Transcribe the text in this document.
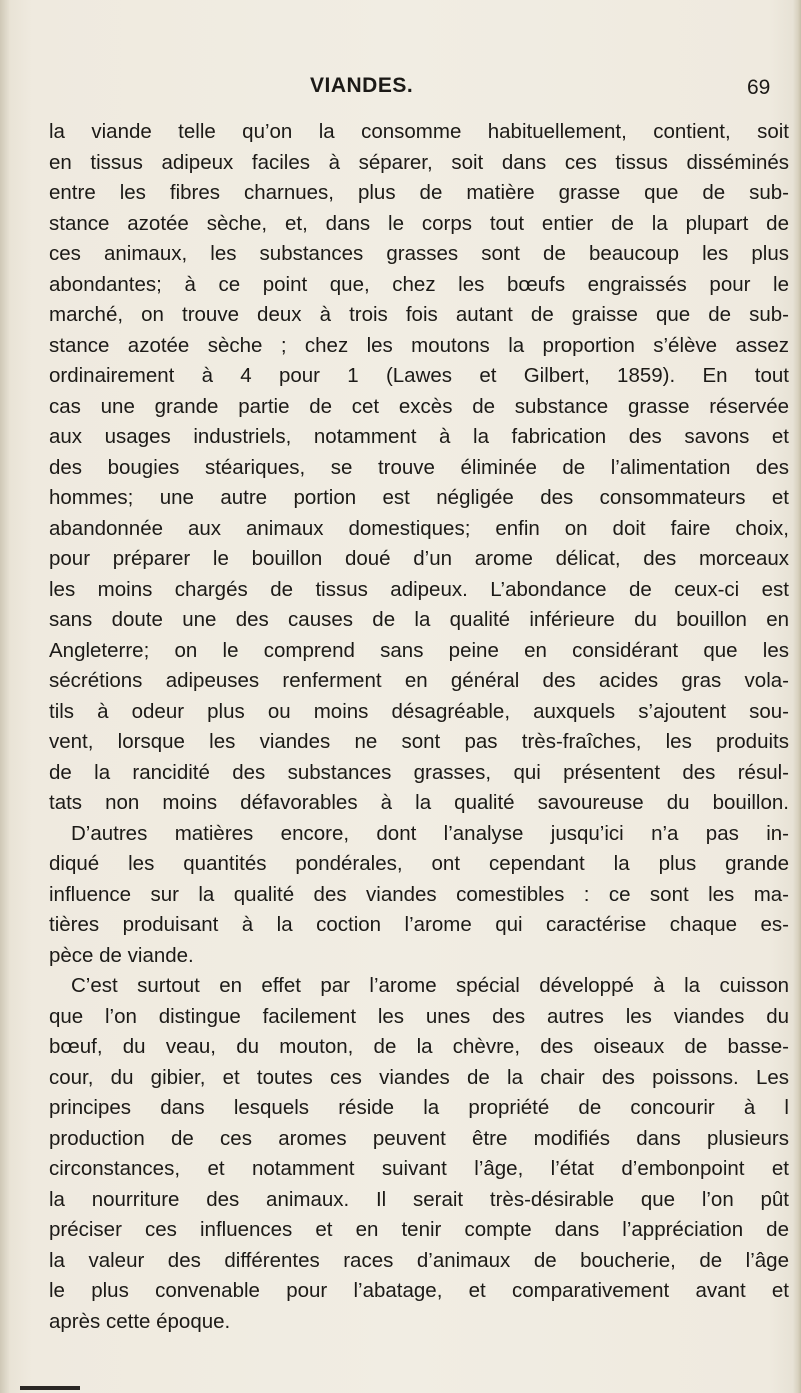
VIANDES.	69
la viande telle qu’on la consomme habituellement, contient, soit
en tissus adipeux faciles à séparer, soit dans ces tissus disséminés
entre les fibres charnues, plus de matière grasse que de sub-
stance azotée sèche, et, dans le corps tout entier de la plupart de
ces animaux, les substances grasses sont de beaucoup les plus
abondantes; à ce point que, chez les bœufs engraissés pour le
marché, on trouve deux à trois fois autant de graisse que de sub-
stance azotée sèche ; chez les moutons la proportion s’élève assez
ordinairement à 4 pour 1 (Lawes et Gilbert, 1859). En tout
cas une grande partie de cet excès de substance grasse réservée
aux usages industriels, notamment à la fabrication des savons et
des bougies stéariques, se trouve éliminée de l’alimentation des
hommes; une autre portion est négligée des consommateurs et
abandonnée aux animaux domestiques; enfin on doit faire choix,
pour préparer le bouillon doué d’un arome délicat, des morceaux
les moins chargés de tissus adipeux. L’abondance de ceux-ci est
sans doute une des causes de la qualité inférieure du bouillon en
Angleterre; on le comprend sans peine en considérant que les
sécrétions adipeuses renferment en général des acides gras vola-
tils à odeur plus ou moins désagréable, auxquels s’ajoutent sou-
vent, lorsque les viandes ne sont pas très-fraîches, les produits
de la rancidité des substances grasses, qui présentent des résul-
tats non moins défavorables à la qualité savoureuse du bouillon.
D’autres matières encore, dont l’analyse jusqu’ici n’a pas in-
diqué les quantités pondérales, ont cependant la plus grande
influence sur la qualité des viandes comestibles : ce sont les ma-
tières produisant à la coction l’arome qui caractérise chaque es-
pèce de viande.
C’est surtout en effet par l’arome spécial développé à la cuisson
que l’on distingue facilement les unes des autres les viandes du
bœuf, du veau, du mouton, de la chèvre, des oiseaux de basse-
cour, du gibier, et toutes ces viandes de la chair des poissons. Les
principes dans lesquels réside la propriété de concourir à l
production de ces aromes peuvent être modifiés dans plusieurs
circonstances, et notamment suivant l’âge, l’état d’embonpoint et
la nourriture des animaux. Il serait très-désirable que l’on pût
préciser ces influences et en tenir compte dans l’appréciation de
la valeur des différentes races d’animaux de boucherie, de l’âge
le plus convenable pour l’abatage, et comparativement avant et
après cette époque.
